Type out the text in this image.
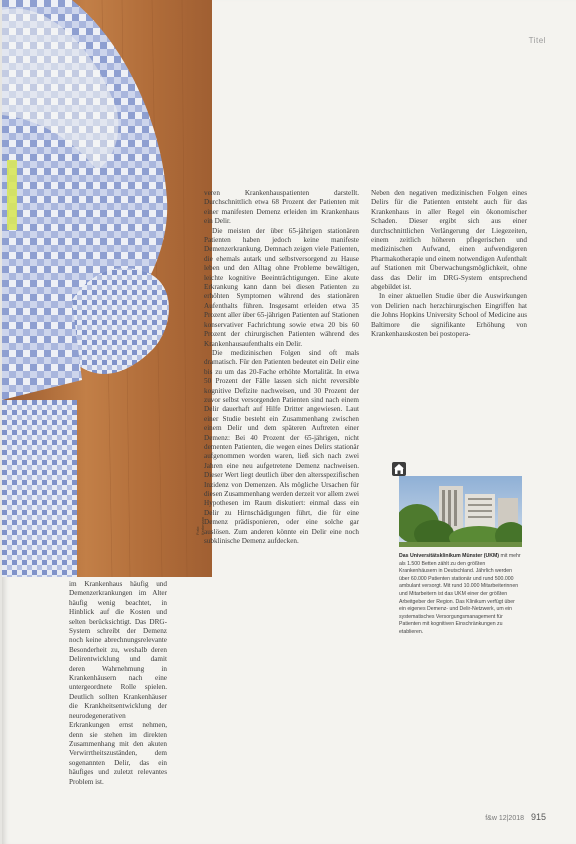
Foto: Kerkmann
Titel

im Krankenhaus häufig und Demenzerkrankungen im Alter häufig wenig beachtet, in Hinblick auf die Kosten und selten berücksichtigt. Das DRG-System schreibt der Demenz noch keine abrechnungsrelevante Besonderheit zu, weshalb deren Delirentwicklung und damit deren Wahrnehmung in Krankenhäusern nach eine untergeordnete Rolle spielen. Deutlich sollten Krankenhäuser die Krankheitsentwicklung der neurodegenerativen Erkrankungen ernst nehmen, denn sie stehen im direkten Zusammenhang mit den akuten Verwirrtheitszuständen, dem sogenannten Delir, das ein häufiges und zuletzt relevantes Problem ist.

veren Krankenhauspatienten darstellt. Durchschnittlich etwa 68 Prozent der Patienten mit einer manifesten Demenz erleiden im Krankenhaus ein Delir.

Die meisten der über 65-jährigen stationären Patienten haben jedoch keine manifeste Demenzerkrankung. Demnach zeigen viele Patienten, die ehemals autark und selbstversorgend zu Hause leben und den Alltag ohne Probleme bewältigen, leichte kognitive Beeinträchtigungen. Eine akute Erkrankung kann dann bei diesen Patienten zu erhöhten Symptomen während des stationären Aufenthalts führen. Insgesamt erleiden etwa 35 Prozent aller über 65-jährigen Patienten auf Stationen konservativer Fachrichtung sowie etwa 20 bis 60 Prozent der chirurgischen Patienten während des Krankenhausaufenthalts ein Delir.

Die medizinischen Folgen sind oft mals dramatisch. Für den Patienten bedeutet ein Delir eine bis zu um das 20-Fache erhöhte Mortalität. In etwa 50 Prozent der Fälle lassen sich nicht reversible kognitive Defizite nachweisen, und 30 Prozent der zuvor selbst versorgenden Patienten sind nach einem Delir dauerhaft auf Hilfe Dritter angewiesen. Laut einer Studie besteht ein Zusammenhang zwischen einem Delir und dem späteren Auftreten einer Demenz: Bei 40 Prozent der 65-jährigen, nicht dementen Patienten, die wegen eines Delirs stationär aufgenommen worden waren, ließ sich nach zwei Jahren eine neu aufgetretene Demenz nachweisen. Dieser Wert liegt deutlich über den altersspezifischen Inzidenz von Demenzen. Als mögliche Ursachen für diesen Zusammenhang werden derzeit vor allem zwei Hypothesen im Raum diskutiert: einmal dass ein Delir zu Hirnschädigungen führt, die für eine Demenz prädisponieren, oder eine solche gar auslösen. Zum anderen könnte ein Delir eine noch subklinische Demenz aufdecken.

Neben den negativen medizinischen Folgen eines Delirs für die Patienten entsteht auch für das Krankenhaus in aller Regel ein ökonomischer Schaden. Dieser ergibt sich aus einer durchschnittlichen Verlängerung der Liegezeiten, einem zeitlich höheren pflegerischen und medizinischen Aufwand, einen aufwendigeren Pharmakotherapie und einem notwendigen Aufenthalt auf Stationen mit Überwachungsmöglichkeit, ohne dass das Delir im DRG-System entsprechend abgebildet ist.

In einer aktuellen Studie über die Auswirkungen von Delirien nach herzchirurgischen Eingriffen hat die Johns Hopkins University School of Medicine aus Baltimore die signifikante Erhöhung von Krankenhauskosten bei postopera-

Das Universitätsklinikum Münster (UKM) mit mehr als 1.500 Betten zählt zu den größten Krankenhäusern in Deutschland. Jährlich werden über 60.000 Patienten stationär und rund 500.000 ambulant versorgt. Mit rund 10.000 Mitarbeiterinnen und Mitarbeitern ist das UKM einer der größten Arbeitgeber der Region. Das Klinikum verfügt über ein eigenes Demenz- und Delir-Netzwerk, um ein systematisches Versorgungsmanagement für Patienten mit kognitiven Einschränkungen zu etablieren.
f&w 12|2018 915
